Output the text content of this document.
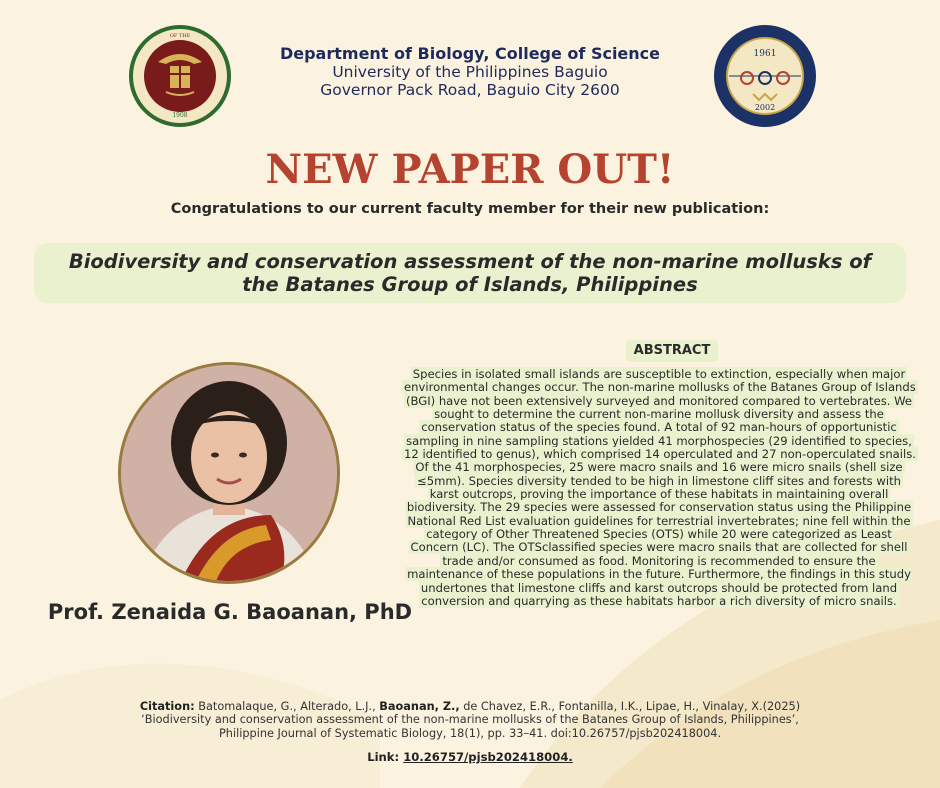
1908
OF THE
1961
2002
Department of Biology, College of Science
University of the Philippines Baguio
Governor Pack Road, Baguio City 2600
NEW PAPER OUT!
Congratulations to our current faculty member for their new publication:
Biodiversity and conservation assessment of the non-marine mollusks of
the Batanes Group of Islands, Philippines
ABSTRACT
Species in isolated small islands are susceptible to extinction, especially when major environmental changes occur. The non-marine mollusks of the Batanes Group of Islands (BGI) have not been extensively surveyed and monitored compared to vertebrates. We sought to determine the current non-marine mollusk diversity and assess the conservation status of the species found. A total of 92 man-hours of opportunistic sampling in nine sampling stations yielded 41 morphospecies (29 identified to species, 12 identified to genus), which comprised 14 operculated and 27 non-operculated snails. Of the 41 morphospecies, 25 were macro snails and 16 were micro snails (shell size ≤5mm). Species diversity tended to be high in limestone cliff sites and forests with karst outcrops, proving the importance of these habitats in maintaining overall biodiversity. The 29 species were assessed for conservation status using the Philippine National Red List evaluation guidelines for terrestrial invertebrates; nine fell within the category of Other Threatened Species (OTS) while 20 were categorized as Least Concern (LC). The OTSclassified species were macro snails that are collected for shell trade and/or consumed as food. Monitoring is recommended to ensure the maintenance of these populations in the future. Furthermore, the findings in this study undertones that limestone cliffs and karst outcrops should be protected from land conversion and quarrying as these habitats harbor a rich diversity of micro snails.
Prof. Zenaida G. Baoanan, PhD
Citation: Batomalaque, G., Alterado, L.J., Baoanan, Z., de Chavez, E.R., Fontanilla, I.K., Lipae, H., Vinalay, X.(2025)
‘Biodiversity and conservation assessment of the non-marine mollusks of the Batanes Group of Islands, Philippines’,
Philippine Journal of Systematic Biology, 18(1), pp. 33–41. doi:10.26757/pjsb202418004.
Link: 10.26757/pjsb202418004.
